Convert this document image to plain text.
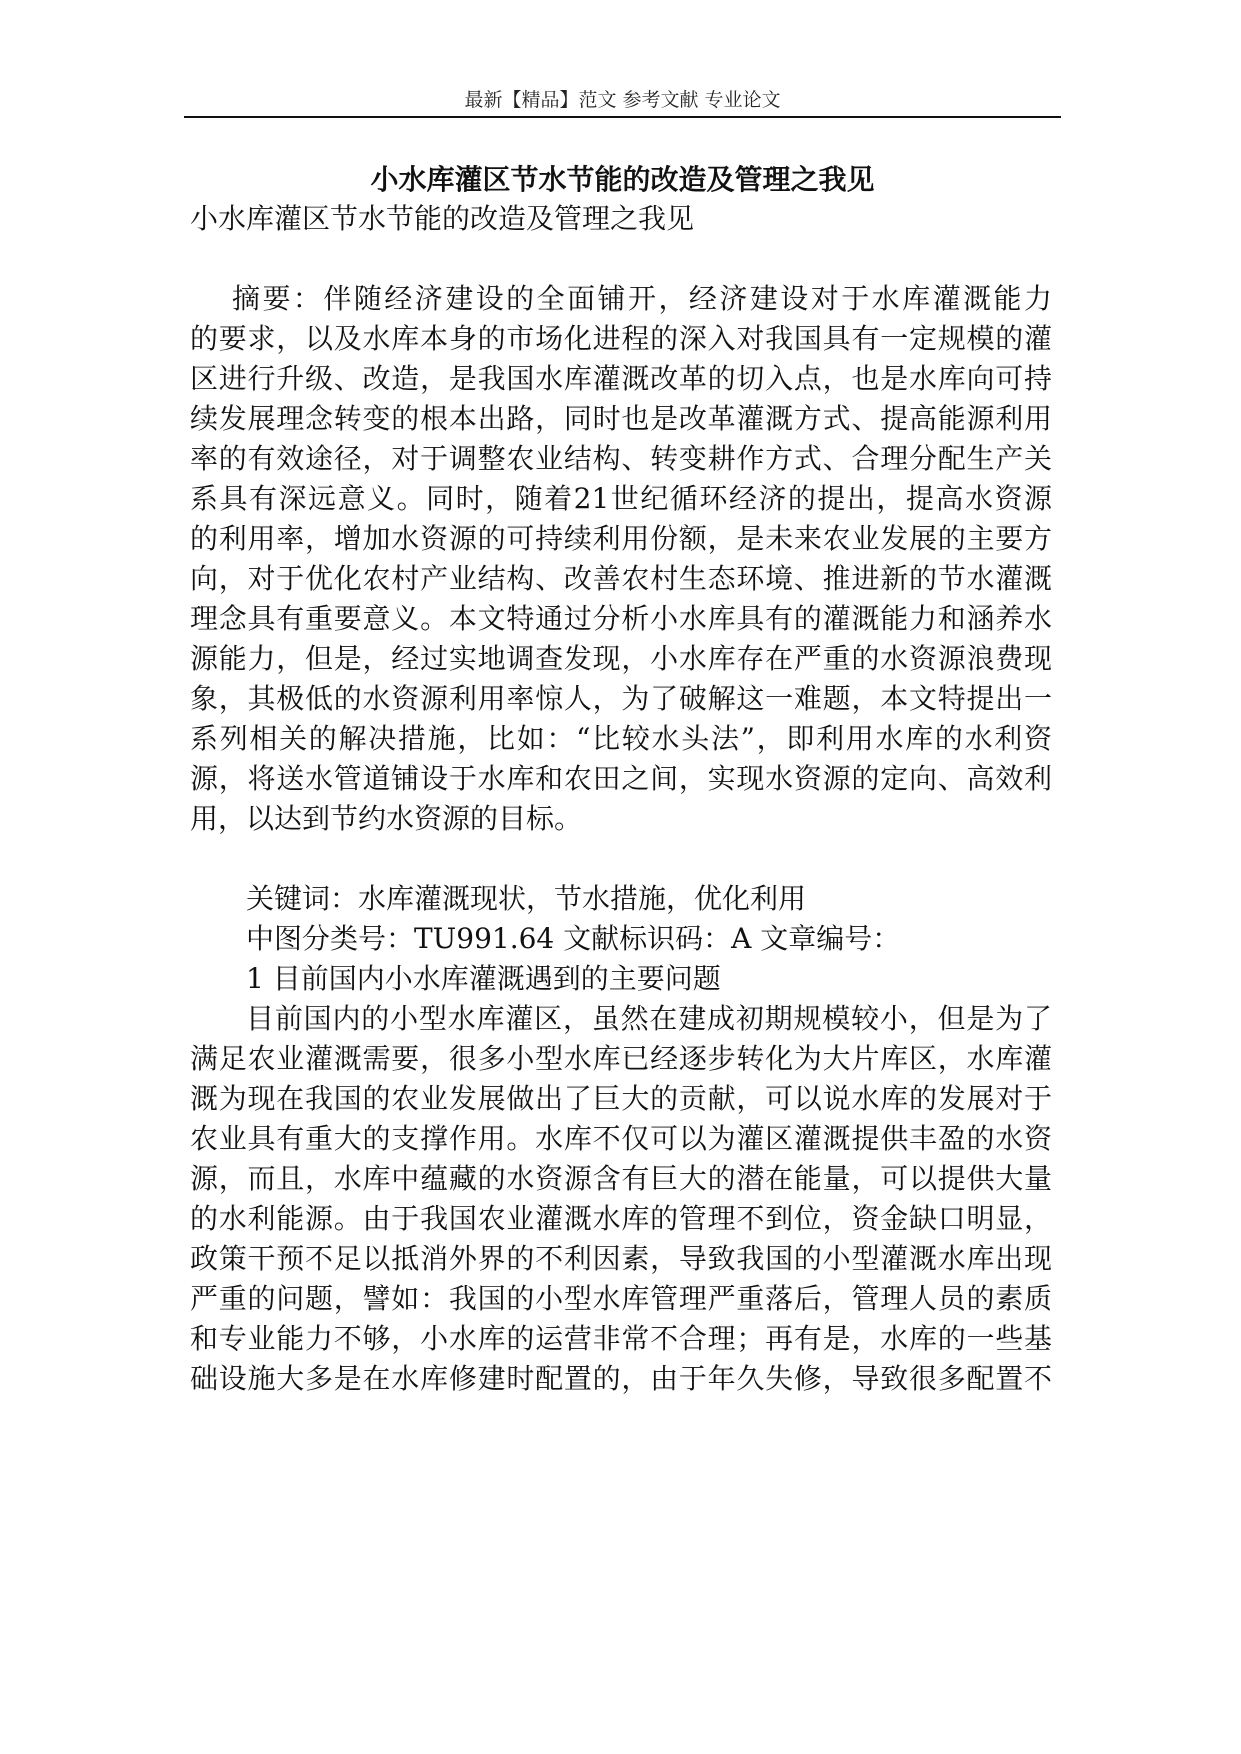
最新【精品】范文 参考文献 专业论文
小水库灌区节水节能的改造及管理之我见

小水库灌区节水节能的改造及管理之我见

摘要：伴随经济建设的全面铺开，经济建设对于水库灌溉能力

的要求，以及水库本身的市场化进程的深入对我国具有一定规模的灌

区进行升级、改造，是我国水库灌溉改革的切入点，也是水库向可持

续发展理念转变的根本出路，同时也是改革灌溉方式、提高能源利用

率的有效途径，对于调整农业结构、转变耕作方式、合理分配生产关

系具有深远意义。同时，随着21世纪循环经济的提出，提高水资源

的利用率，增加水资源的可持续利用份额，是未来农业发展的主要方

向，对于优化农村产业结构、改善农村生态环境、推进新的节水灌溉

理念具有重要意义。本文特通过分析小水库具有的灌溉能力和涵养水

源能力，但是，经过实地调查发现，小水库存在严重的水资源浪费现

象，其极低的水资源利用率惊人，为了破解这一难题，本文特提出一

系列相关的解决措施，比如：“比较水头法”，即利用水库的水利资

源，将送水管道铺设于水库和农田之间，实现水资源的定向、高效利

用，以达到节约水资源的目标。

关键词：水库灌溉现状，节水措施，优化利用

中图分类号：TU991.64 文献标识码：A 文章编号：

1 目前国内小水库灌溉遇到的主要问题

目前国内的小型水库灌区，虽然在建成初期规模较小，但是为了

满足农业灌溉需要，很多小型水库已经逐步转化为大片库区，水库灌

溉为现在我国的农业发展做出了巨大的贡献，可以说水库的发展对于

农业具有重大的支撑作用。水库不仅可以为灌区灌溉提供丰盈的水资

源，而且，水库中蕴藏的水资源含有巨大的潜在能量，可以提供大量

的水利能源。由于我国农业灌溉水库的管理不到位，资金缺口明显，

政策干预不足以抵消外界的不利因素，导致我国的小型灌溉水库出现

严重的问题，譬如：我国的小型水库管理严重落后，管理人员的素质

和专业能力不够，小水库的运营非常不合理；再有是，水库的一些基

础设施大多是在水库修建时配置的，由于年久失修，导致很多配置不
